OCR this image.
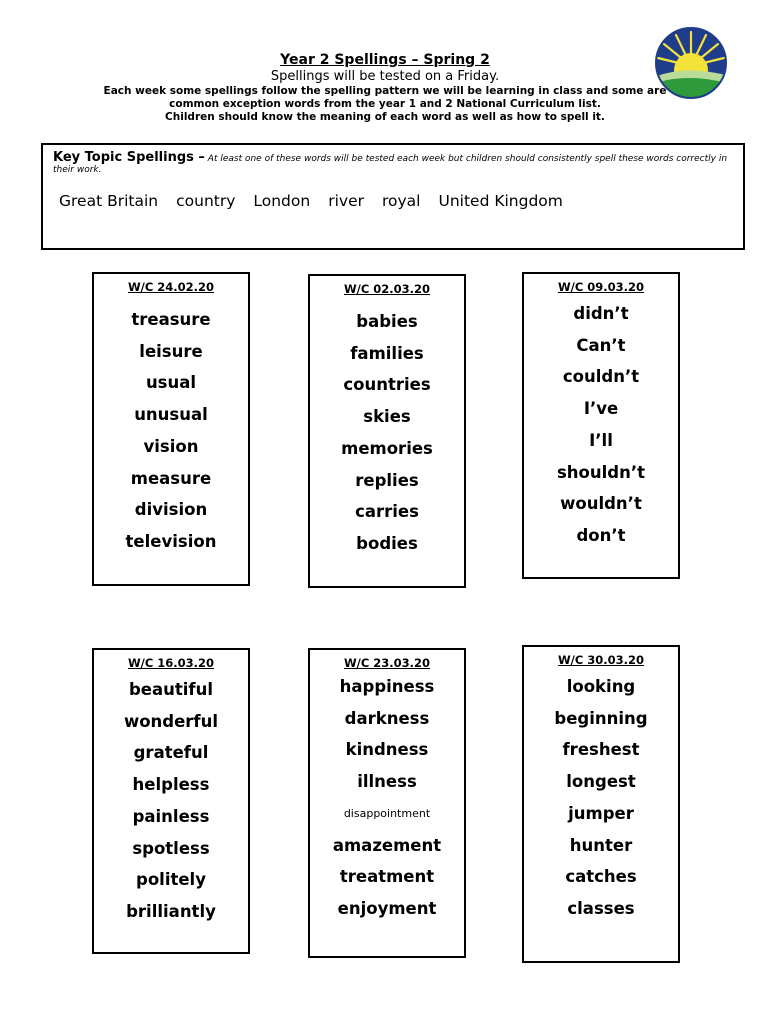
Year 2 Spellings – Spring 2
Spellings will be tested on a Friday.
Each week some spellings follow the spelling pattern we will be learning in class and some are
common exception words from the year 1 and 2 National Curriculum list.
Children should know the meaning of each word as well as how to spell it.
Key Topic Spellings – At least one of these words will be tested each week but children should consistently spell these words correctly in their work.
Great Britain country London river royal United Kingdom
W/C 24.02.20
treasure
leisure
usual
unusual
vision
measure
division
television
W/C 02.03.20
babies
families
countries
skies
memories
replies
carries
bodies
W/C 09.03.20
didn’t
Can’t
couldn’t
I’ve
I’ll
shouldn’t
wouldn’t
don’t
W/C 16.03.20
beautiful
wonderful
grateful
helpless
painless
spotless
politely
brilliantly
W/C 23.03.20
happiness
darkness
kindness
illness
disappointment
amazement
treatment
enjoyment
W/C 30.03.20
looking
beginning
freshest
longest
jumper
hunter
catches
classes
